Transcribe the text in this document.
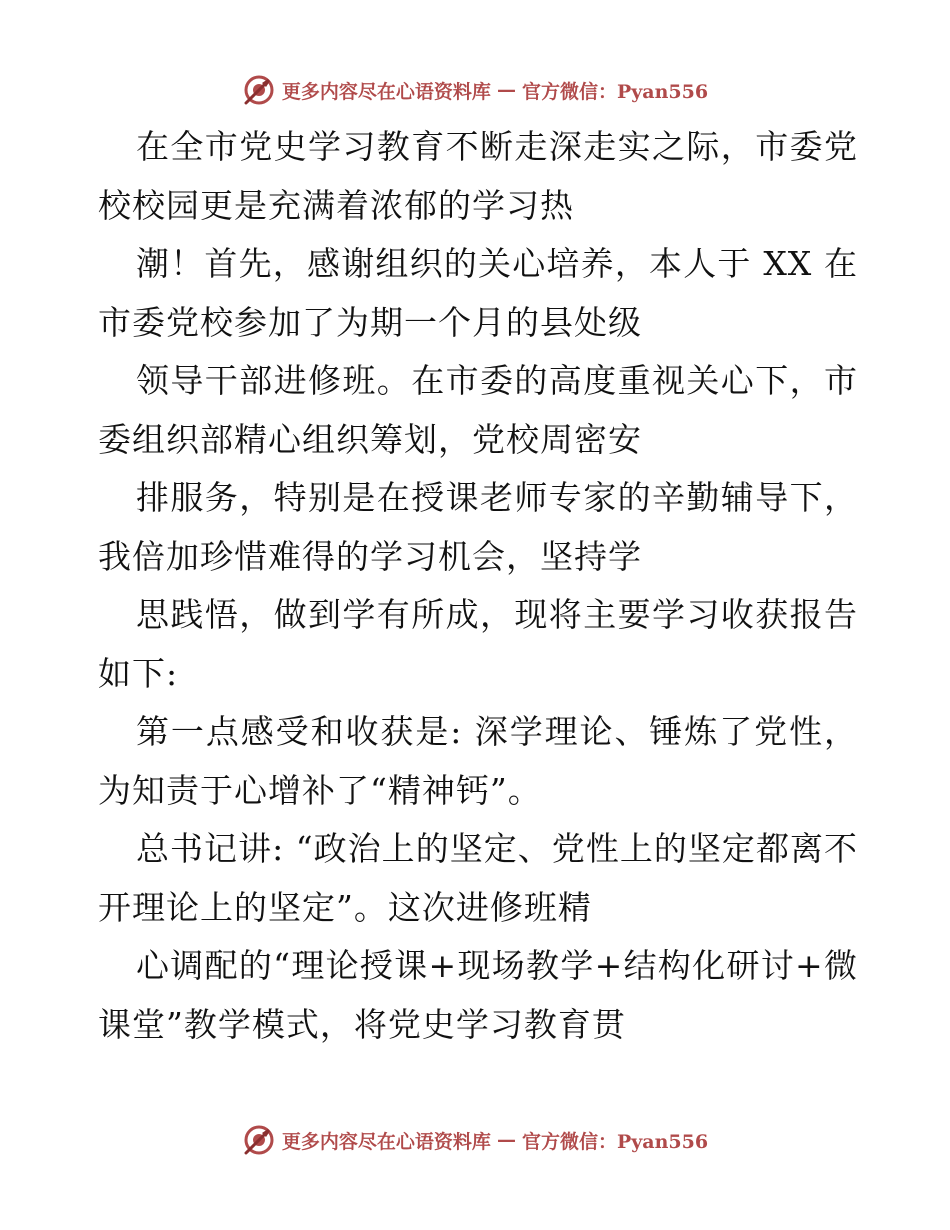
更多内容尽在心语资料库 — 官方微信：Pyan556

在全市党史学习教育不断走深走实之际，市委党校校园更是充满着浓郁的学习热

潮！首先，感谢组织的关心培养，本人于 XX 在市委党校参加了为期一个月的县处级

领导干部进修班。在市委的高度重视关心下，市委组织部精心组织筹划，党校周密安

排服务，特别是在授课老师专家的辛勤辅导下，我倍加珍惜难得的学习机会，坚持学

思践悟，做到学有所成，现将主要学习收获报告如下:

第一点感受和收获是: 深学理论、锤炼了党性，为知责于心增补了“精神钙”。

总书记讲: “政治上的坚定、党性上的坚定都离不开理论上的坚定”。这次进修班精

心调配的“理论授课+现场教学+结构化研讨+微课堂”教学模式，将党史学习教育贯

更多内容尽在心语资料库 — 官方微信：Pyan556
